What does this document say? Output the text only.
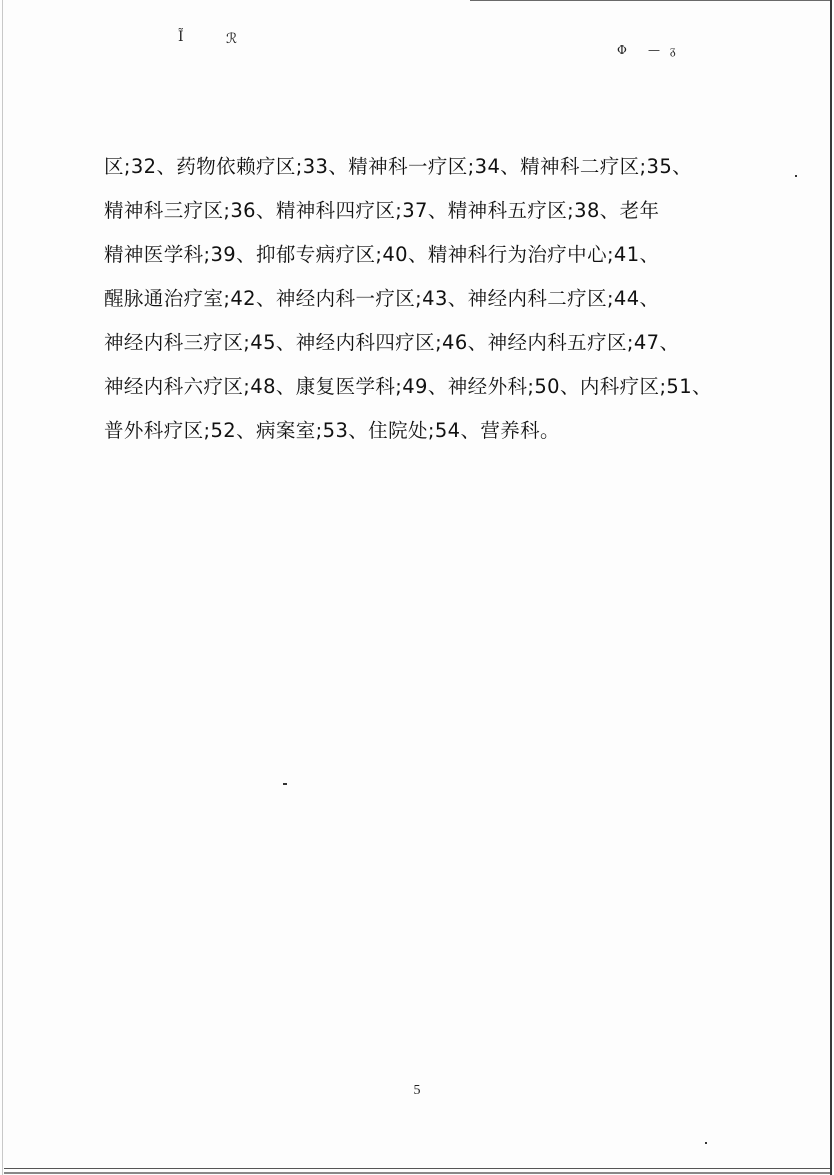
Ĩ	ℛ
Φ — ᵹ
区;32、药物依赖疗区;33、精神科一疗区;34、精神科二疗区;35、
精神科三疗区;36、精神科四疗区;37、精神科五疗区;38、老年
精神医学科;39、抑郁专病疗区;40、精神科行为治疗中心;41、
醒脉通治疗室;42、神经内科一疗区;43、神经内科二疗区;44、
神经内科三疗区;45、神经内科四疗区;46、神经内科五疗区;47、
神经内科六疗区;48、康复医学科;49、神经外科;50、内科疗区;51、
普外科疗区;52、病案室;53、住院处;54、营养科。
5
